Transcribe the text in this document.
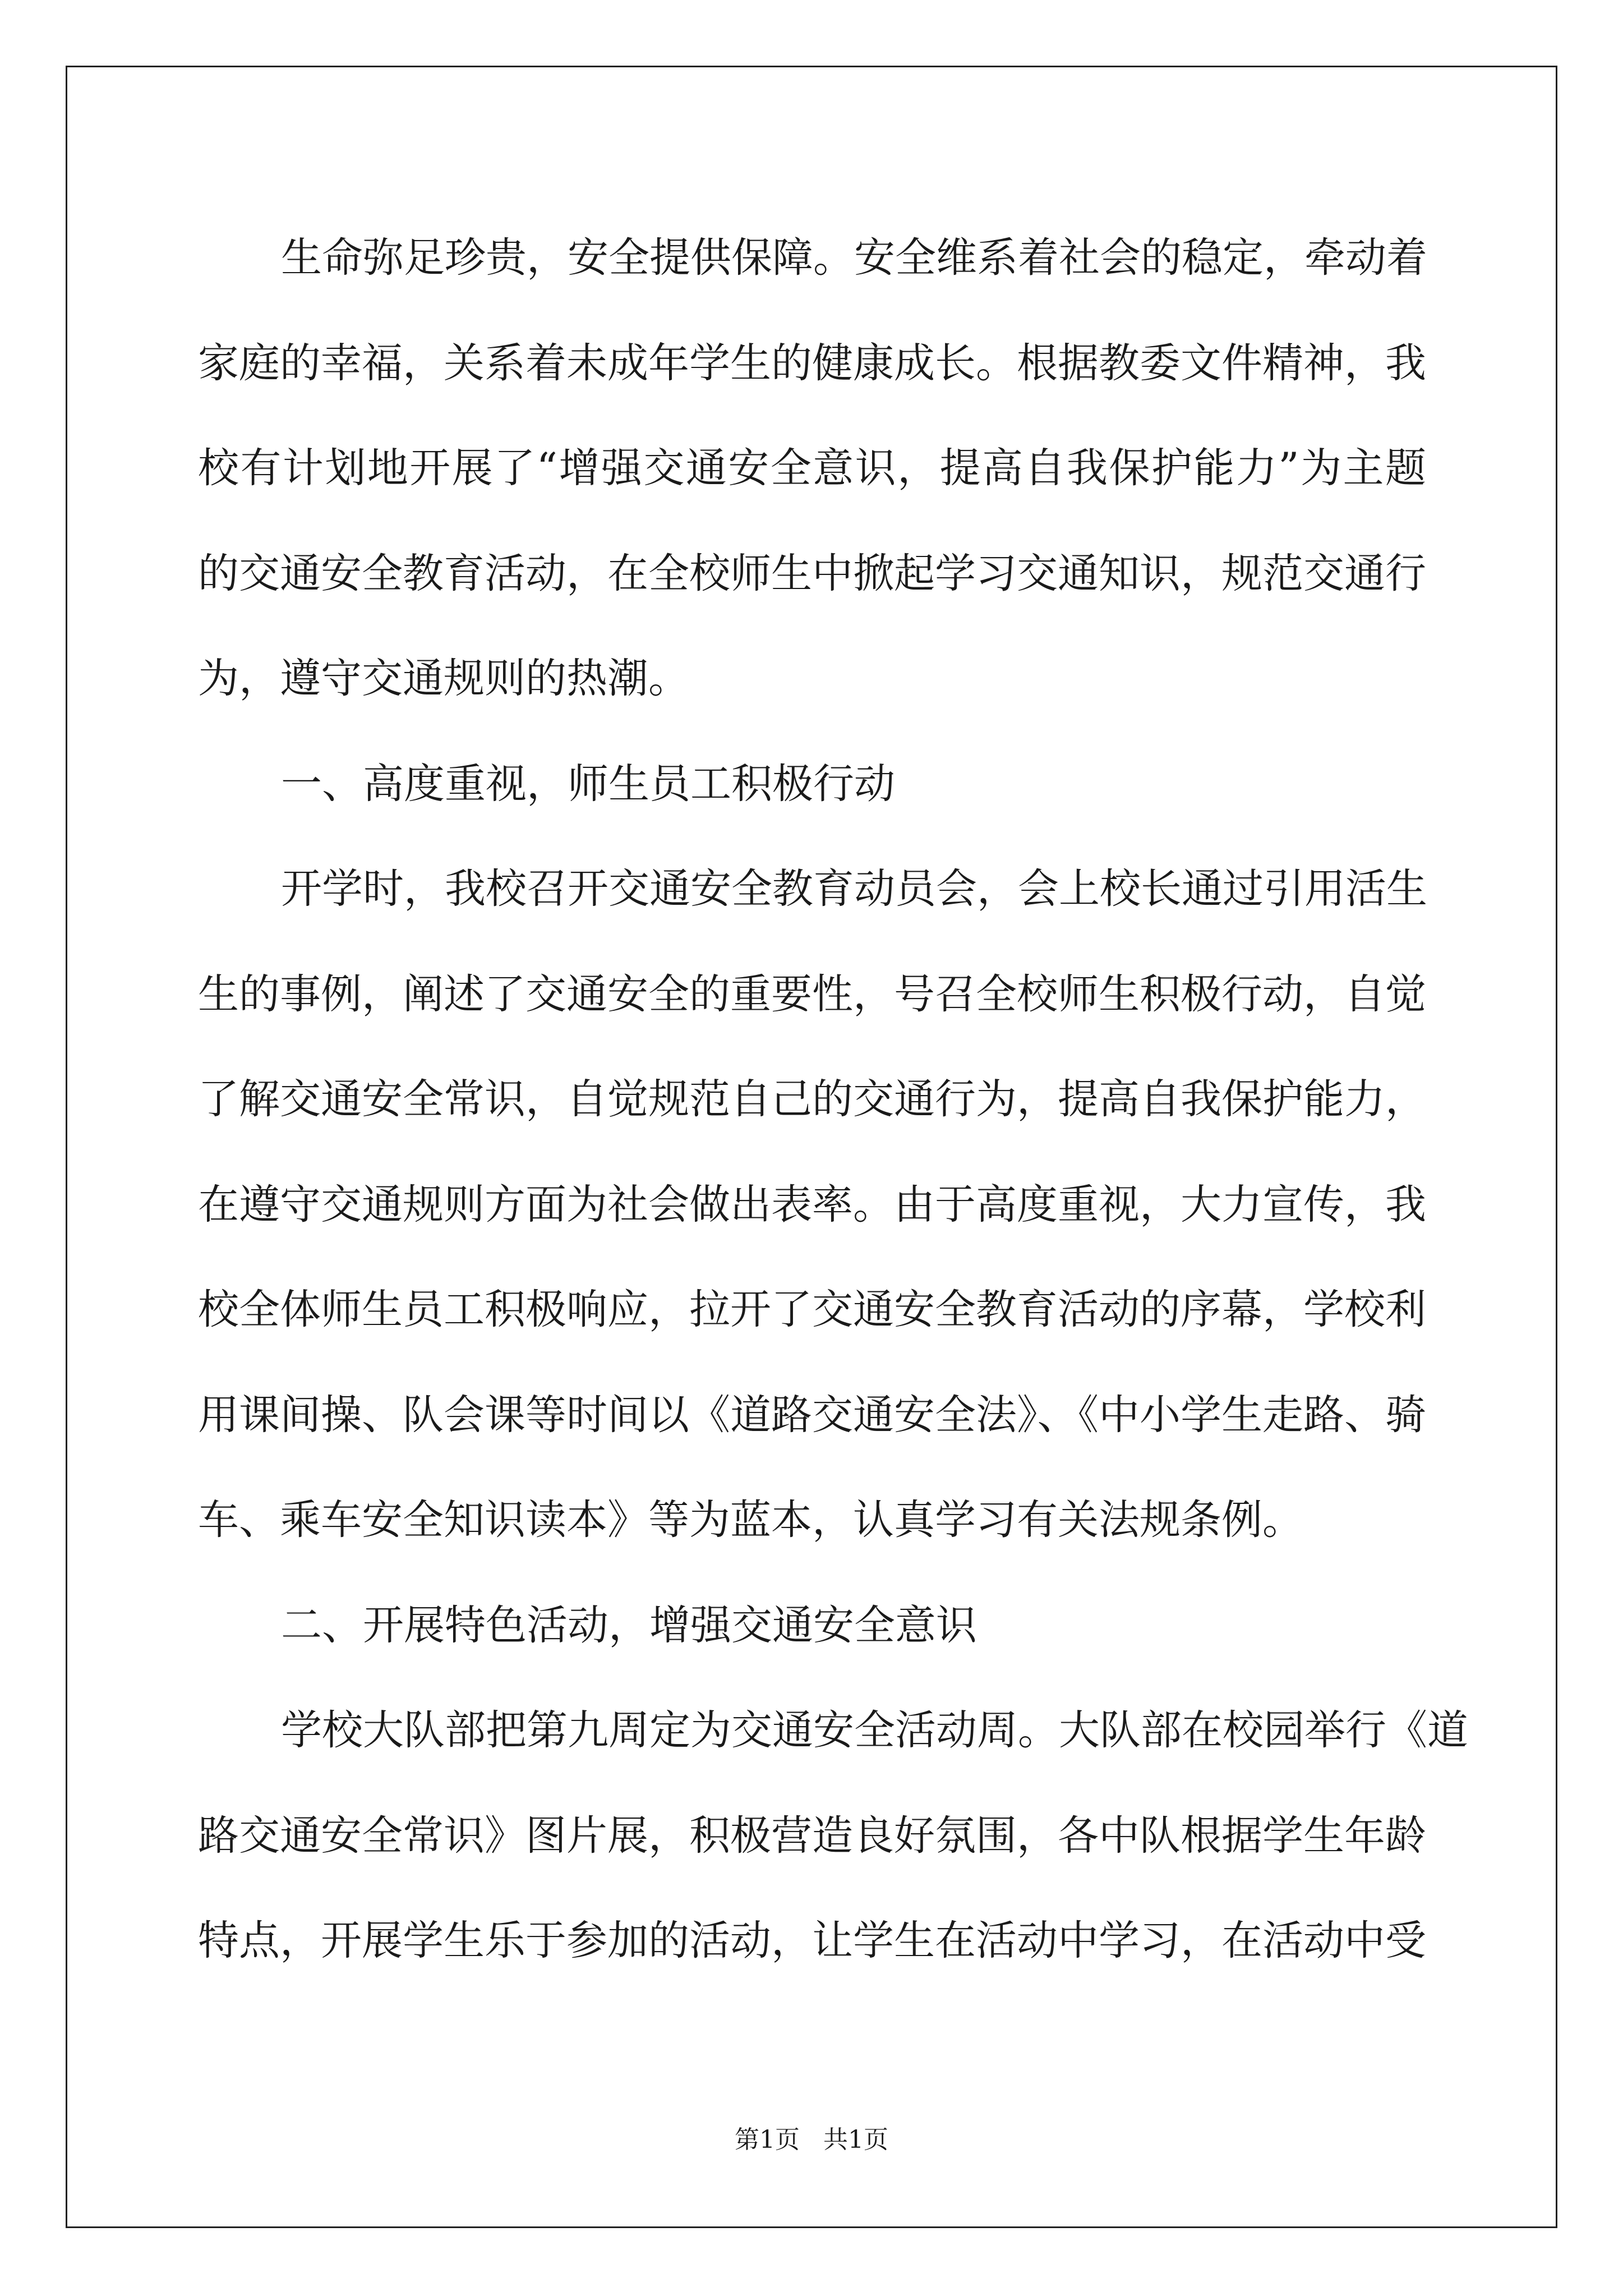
生命弥足珍贵，安全提供保障。安全维系着社会的稳定，牵动着
家庭的幸福，关系着未成年学生的健康成长。根据教委文件精神，我
校有计划地开展了“增强交通安全意识，提高自我保护能力”为主题
的交通安全教育活动，在全校师生中掀起学习交通知识，规范交通行
为，遵守交通规则的热潮。
一、高度重视，师生员工积极行动
开学时，我校召开交通安全教育动员会，会上校长通过引用活生
生的事例，阐述了交通安全的重要性，号召全校师生积极行动，自觉
了解交通安全常识，自觉规范自己的交通行为，提高自我保护能力，
在遵守交通规则方面为社会做出表率。由于高度重视，大力宣传，我
校全体师生员工积极响应，拉开了交通安全教育活动的序幕，学校利
用课间操、队会课等时间以《道路交通安全法》、《中小学生走路、骑
车、乘车安全知识读本》等为蓝本，认真学习有关法规条例。
二、开展特色活动，增强交通安全意识
学校大队部把第九周定为交通安全活动周。大队部在校园举行《道
路交通安全常识》图片展，积极营造良好氛围，各中队根据学生年龄
特点，开展学生乐于参加的活动，让学生在活动中学习，在活动中受
第1页   共1页
